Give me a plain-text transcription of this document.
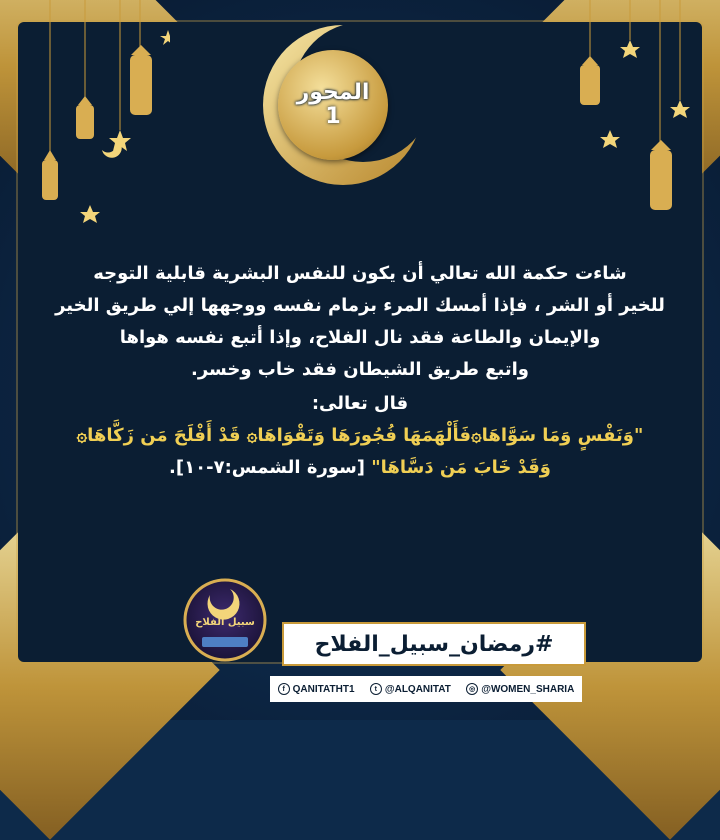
المحور
1
شاءت حكمة الله تعالي أن يكون للنفس البشرية قابلية التوجه
للخير أو الشر ، فإذا أمسك المرء بزمام نفسه ووجهها إلي طريق الخير
والإيمان والطاعة فقد نال الفلاح، وإذا أتبع نفسه هواها
واتبع طريق الشيطان فقد خاب وخسر.
قال تعالى:
"وَنَفْسٍ وَمَا سَوَّاهَا۞فَأَلْهَمَهَا فُجُورَهَا وَتَقْوَاهَا۞ قَدْ أَفْلَحَ مَن زَكَّاهَا۞
وَقَدْ خَابَ مَن دَسَّاهَا" [سورة الشمس:٧-١٠].
سبيل الفلاح
#رمضان_سبيل_الفلاح
f QANITATHT1	t @ALQANITAT	◎ @WOMEN_SHARIA
